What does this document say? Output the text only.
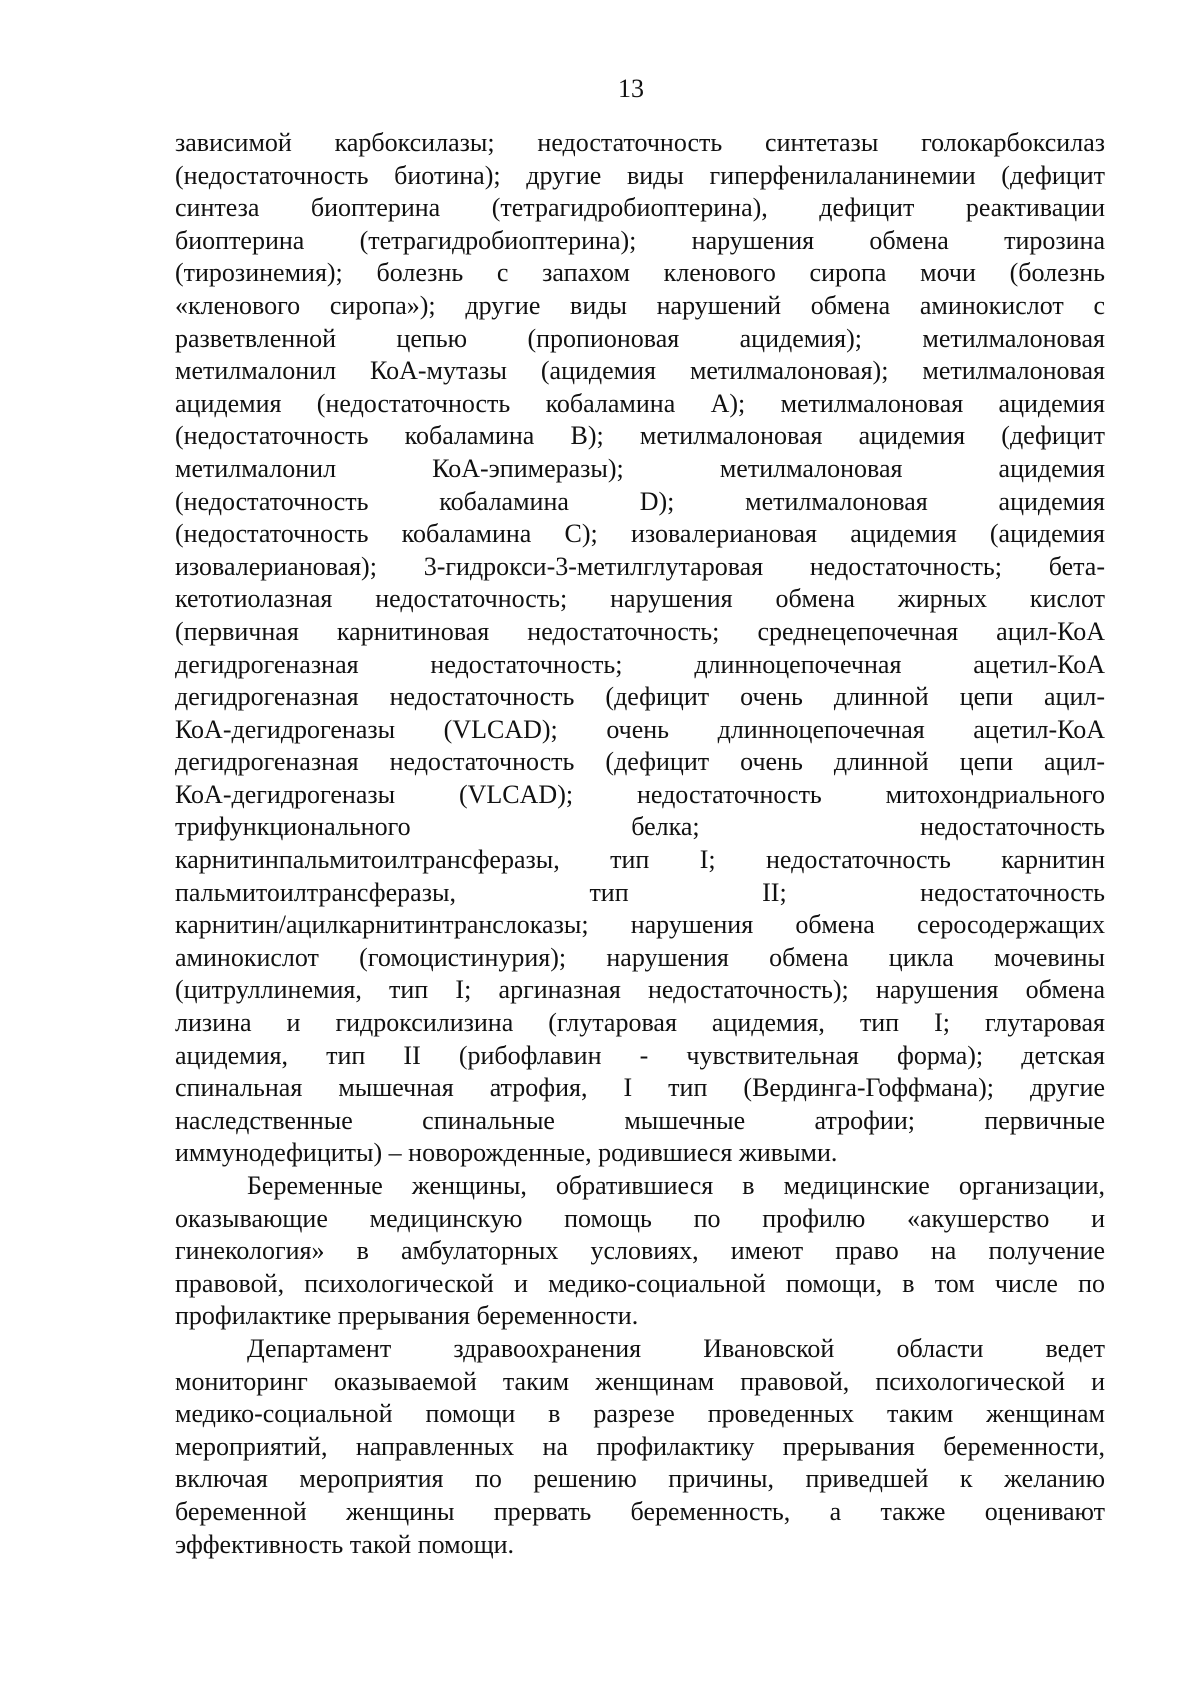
13

зависимой карбоксилазы; недостаточность синтетазы голокарбоксилаз
(недостаточность биотина); другие виды гиперфенилаланинемии (дефицит
синтеза биоптерина (тетрагидробиоптерина), дефицит реактивации
биоптерина (тетрагидробиоптерина); нарушения обмена тирозина
(тирозинемия); болезнь с запахом кленового сиропа мочи (болезнь
«кленового сиропа»); другие виды нарушений обмена аминокислот с
разветвленной цепью (пропионовая ацидемия); метилмалоновая
метилмалонил КоА-мутазы (ацидемия метилмалоновая); метилмалоновая
ацидемия (недостаточность кобаламина А); метилмалоновая ацидемия
(недостаточность кобаламина В); метилмалоновая ацидемия (дефицит
метилмалонил КоА-эпимеразы); метилмалоновая ацидемия
(недостаточность кобаламина D); метилмалоновая ацидемия
(недостаточность кобаламина С); изовалериановая ацидемия (ацидемия
изовалериановая); 3-гидрокси-3-метилглутаровая недостаточность; бета-
кетотиолазная недостаточность; нарушения обмена жирных кислот
(первичная карнитиновая недостаточность; среднецепочечная ацил-КоА
дегидрогеназная недостаточность; длинноцепочечная ацетил-КоА
дегидрогеназная недостаточность (дефицит очень длинной цепи ацил-
КоА-дегидрогеназы (VLCAD); очень длинноцепочечная ацетил-КоА
дегидрогеназная недостаточность (дефицит очень длинной цепи ацил-
КоА-дегидрогеназы (VLCAD); недостаточность митохондриального
трифункционального белка; недостаточность
карнитинпальмитоилтрансферазы, тип I; недостаточность карнитин
пальмитоилтрансферазы, тип II; недостаточность
карнитин/ацилкарнитинтранслоказы; нарушения обмена серосодержащих
аминокислот (гомоцистинурия); нарушения обмена цикла мочевины
(цитруллинемия, тип I; аргиназная недостаточность); нарушения обмена
лизина и гидроксилизина (глутаровая ацидемия, тип I; глутаровая
ацидемия, тип II (рибофлавин - чувствительная форма); детская
спинальная мышечная атрофия, I тип (Вердинга-Гоффмана); другие
наследственные спинальные мышечные атрофии; первичные
иммунодефициты) – новорожденные, родившиеся живыми.

Беременные женщины, обратившиеся в медицинские организации,
оказывающие медицинскую помощь по профилю «акушерство и
гинекология» в амбулаторных условиях, имеют право на получение
правовой, психологической и медико-социальной помощи, в том числе по
профилактике прерывания беременности.

Департамент здравоохранения Ивановской области ведет
мониторинг оказываемой таким женщинам правовой, психологической и
медико-социальной помощи в разрезе проведенных таким женщинам
мероприятий, направленных на профилактику прерывания беременности,
включая мероприятия по решению причины, приведшей к желанию
беременной женщины прервать беременность, а также оценивают
эффективность такой помощи.
